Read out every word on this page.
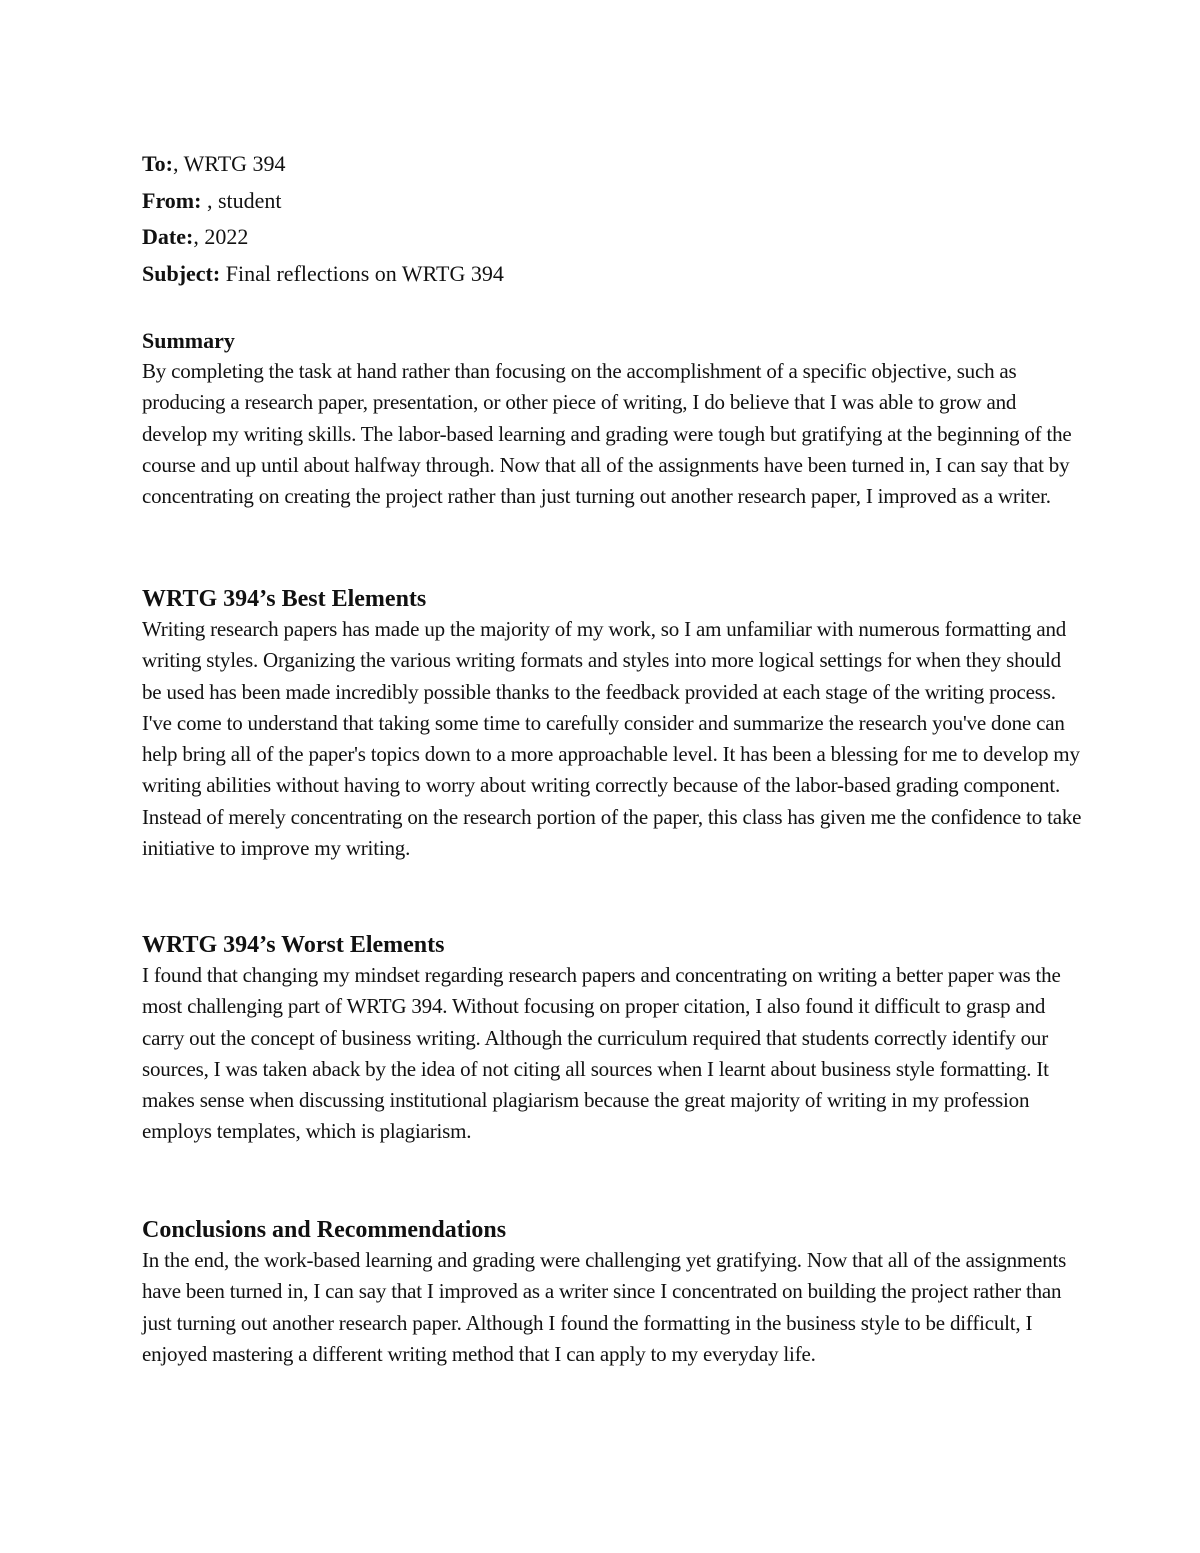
To:, WRTG 394
From: , student
Date:, 2022
Subject: Final reflections on WRTG 394
Summary

By completing the task at hand rather than focusing on the accomplishment of a specific objective, such as producing a research paper, presentation, or other piece of writing, I do believe that I was able to grow and develop my writing skills. The labor-based learning and grading were tough but gratifying at the beginning of the course and up until about halfway through. Now that all of the assignments have been turned in, I can say that by concentrating on creating the project rather than just turning out another research paper, I improved as a writer.

WRTG 394’s Best Elements

Writing research papers has made up the majority of my work, so I am unfamiliar with numerous formatting and writing styles. Organizing the various writing formats and styles into more logical settings for when they should be used has been made incredibly possible thanks to the feedback provided at each stage of the writing process. I've come to understand that taking some time to carefully consider and summarize the research you've done can help bring all of the paper's topics down to a more approachable level. It has been a blessing for me to develop my writing abilities without having to worry about writing correctly because of the labor-based grading component. Instead of merely concentrating on the research portion of the paper, this class has given me the confidence to take initiative to improve my writing.

WRTG 394’s Worst Elements

I found that changing my mindset regarding research papers and concentrating on writing a better paper was the most challenging part of WRTG 394. Without focusing on proper citation, I also found it difficult to grasp and carry out the concept of business writing. Although the curriculum required that students correctly identify our sources, I was taken aback by the idea of not citing all sources when I learnt about business style formatting. It makes sense when discussing institutional plagiarism because the great majority of writing in my profession employs templates, which is plagiarism.

Conclusions and Recommendations

In the end, the work-based learning and grading were challenging yet gratifying. Now that all of the assignments have been turned in, I can say that I improved as a writer since I concentrated on building the project rather than just turning out another research paper. Although I found the formatting in the business style to be difficult, I enjoyed mastering a different writing method that I can apply to my everyday life.
